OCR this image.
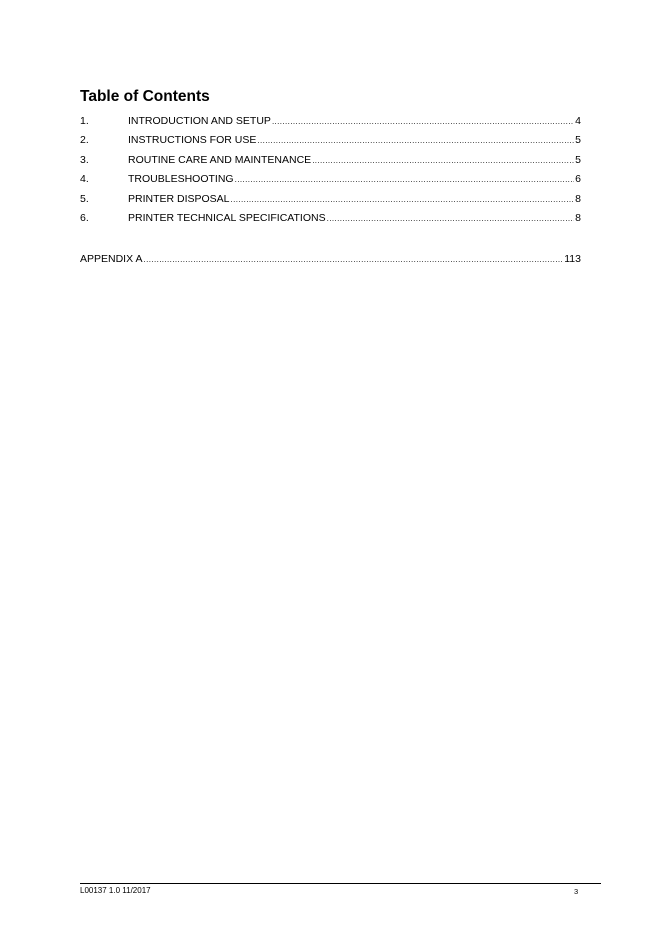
Table of Contents
1.	INTRODUCTION AND SETUP .....	4
2.	INSTRUCTIONS FOR USE .....	5
3.	ROUTINE CARE AND MAINTENANCE .....	5
4.	TROUBLESHOOTING .....	6
5.	PRINTER DISPOSAL .....	8
6.	PRINTER TECHNICAL SPECIFICATIONS .....	8
APPENDIX A .....	113
L00137 1.0 11/2017	3
